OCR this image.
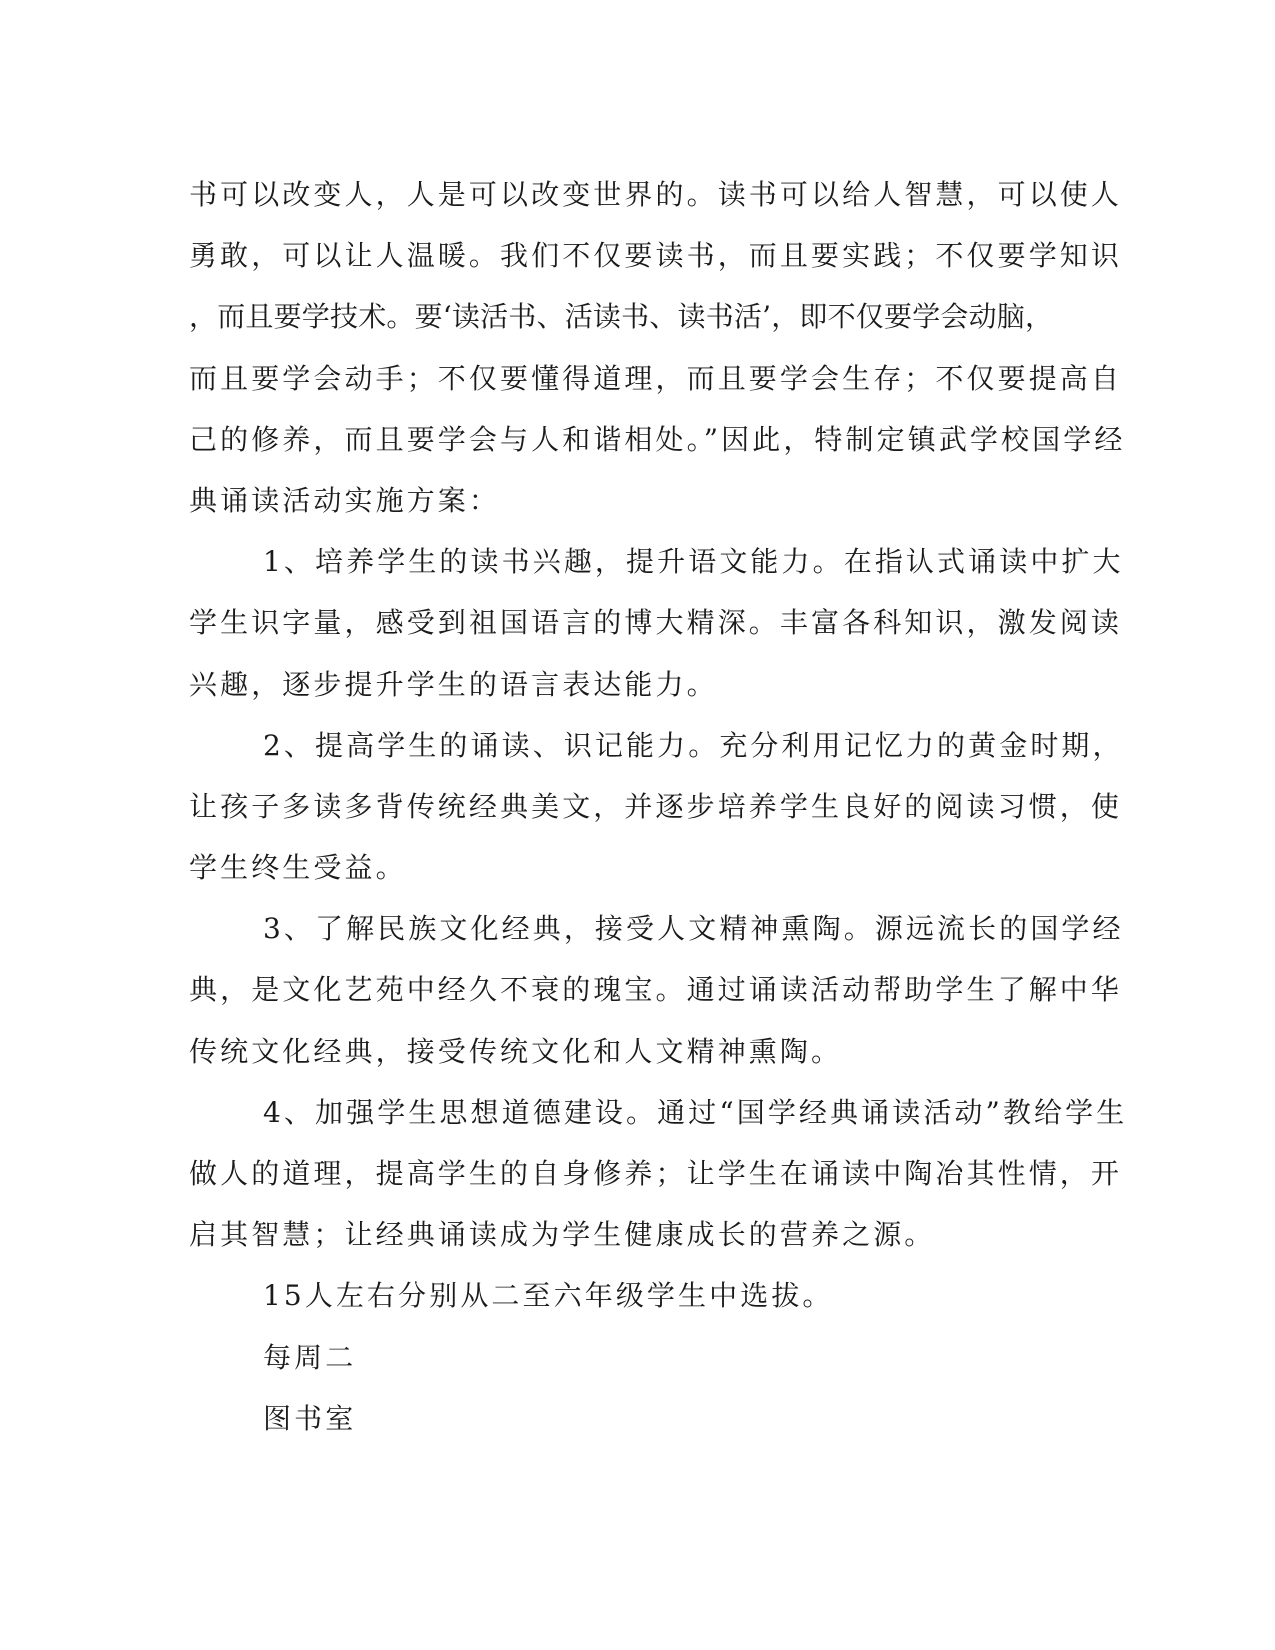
书可以改变人，人是可以改变世界的。读书可以给人智慧，可以使人
勇敢，可以让人温暖。我们不仅要读书，而且要实践；不仅要学知识
，而且要学技术。要‘读活书、活读书、读书活’，即不仅要学会动脑，
而且要学会动手；不仅要懂得道理，而且要学会生存；不仅要提高自
己的修养，而且要学会与人和谐相处。”因此，特制定镇武学校国学经
典诵读活动实施方案：
1、培养学生的读书兴趣，提升语文能力。在指认式诵读中扩大
学生识字量，感受到祖国语言的博大精深。丰富各科知识，激发阅读
兴趣，逐步提升学生的语言表达能力。
2、提高学生的诵读、识记能力。充分利用记忆力的黄金时期，
让孩子多读多背传统经典美文，并逐步培养学生良好的阅读习惯，使
学生终生受益。
3、了解民族文化经典，接受人文精神熏陶。源远流长的国学经
典，是文化艺苑中经久不衰的瑰宝。通过诵读活动帮助学生了解中华
传统文化经典，接受传统文化和人文精神熏陶。
4、加强学生思想道德建设。通过“国学经典诵读活动”教给学生
做人的道理，提高学生的自身修养；让学生在诵读中陶冶其性情，开
启其智慧；让经典诵读成为学生健康成长的营养之源。
15人左右分别从二至六年级学生中选拔。
每周二
图书室
